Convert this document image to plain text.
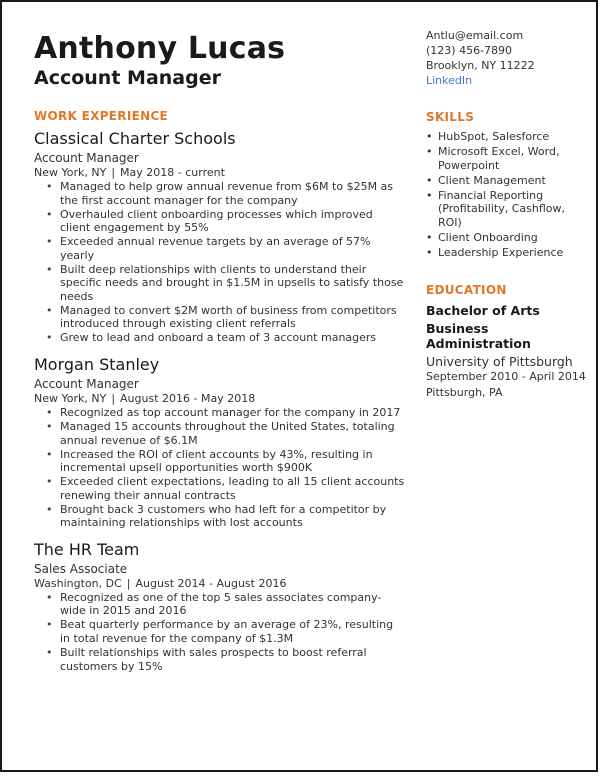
Anthony Lucas
Account Manager
WORK EXPERIENCE
Classical Charter Schools
Account Manager
New York, NY | May 2018 - current
• Managed to help grow annual revenue from $6M to $25M as the first account manager for the company
• Overhauled client onboarding processes which improved client engagement by 55%
• Exceeded annual revenue targets by an average of 57% yearly
• Built deep relationships with clients to understand their specific needs and brought in $1.5M in upsells to satisfy those needs
• Managed to convert $2M worth of business from competitors introduced through existing client referrals
• Grew to lead and onboard a team of 3 account managers
Morgan Stanley
Account Manager
New York, NY | August 2016 - May 2018
• Recognized as top account manager for the company in 2017
• Managed 15 accounts throughout the United States, totaling annual revenue of $6.1M
• Increased the ROI of client accounts by 43%, resulting in incremental upsell opportunities worth $900K
• Exceeded client expectations, leading to all 15 client accounts renewing their annual contracts
• Brought back 3 customers who had left for a competitor by maintaining relationships with lost accounts
The HR Team
Sales Associate
Washington, DC | August 2014 - August 2016
• Recognized as one of the top 5 sales associates company-wide in 2015 and 2016
• Beat quarterly performance by an average of 23%, resulting in total revenue for the company of $1.3M
• Built relationships with sales prospects to boost referral customers by 15%
Antlu@email.com
(123) 456-7890
Brooklyn, NY 11222
LinkedIn
SKILLS
• HubSpot, Salesforce
• Microsoft Excel, Word, Powerpoint
• Client Management
• Financial Reporting (Profitability, Cashflow, ROI)
• Client Onboarding
• Leadership Experience
EDUCATION
Bachelor of Arts
Business Administration
University of Pittsburgh
September 2010 - April 2014
Pittsburgh, PA
